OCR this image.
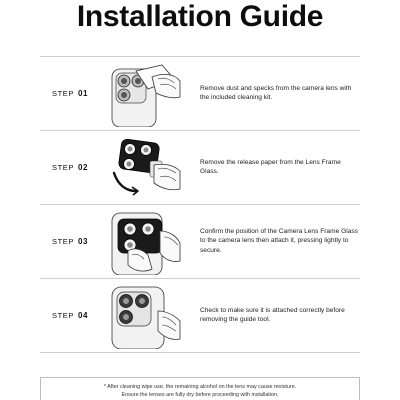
Installation Guide
STEP 01
Remove dust and specks from the camera lens with the included cleaning kit.
STEP 02
Remove the release paper from the Lens Frame Glass.
STEP 03
Confirm the position of the Camera Lens Frame Glass to the camera lens then attach it, pressing lightly to secure.
STEP 04
Check to make sure it is attached correctly before removing the guide tool.
* After cleaning wipe use, the remaining alcohol on the lens may cause moisture.
Ensure the lenses are fully dry before proceeding with installation.
